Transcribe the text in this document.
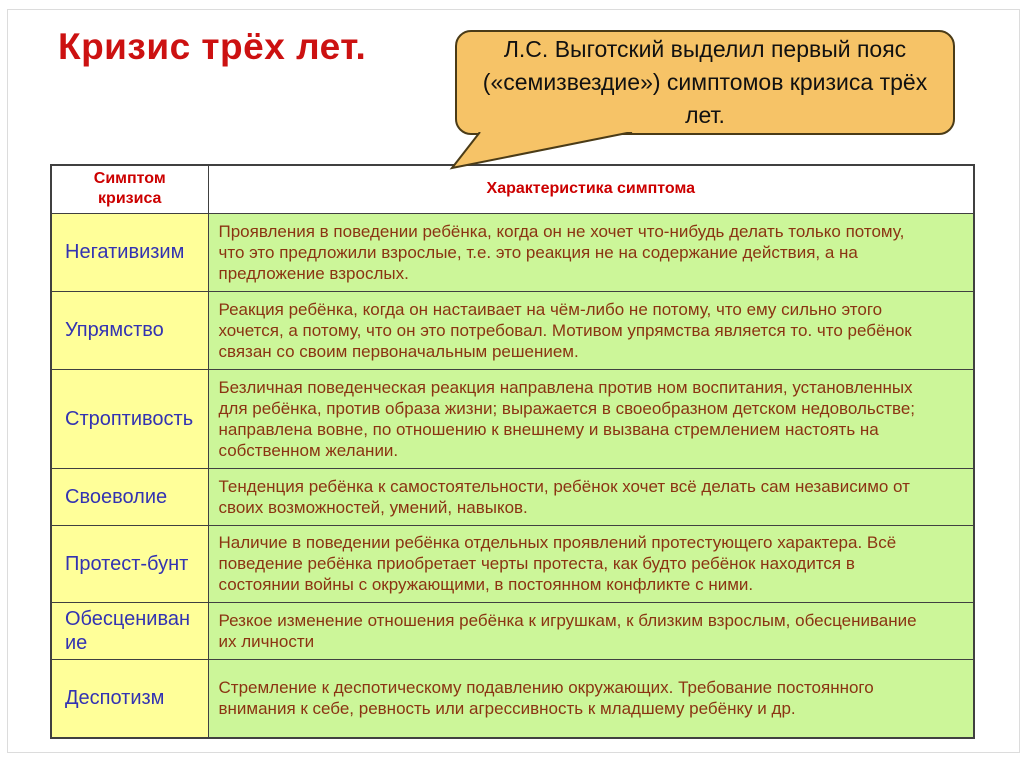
Кризис трёх лет.	Л.С. Выготский выделил первый пояс («семизвездие») симптомов кризиса трёх лет.
Симптом кризиса	Характеристика симптома
Негативизим	Проявления в поведении ребёнка, когда он не хочет что-нибудь делать только потому, что это предложили взрослые, т.е. это реакция не на содержание действия, а на предложение взрослых.
Упрямство	Реакция ребёнка, когда он настаивает на чём-либо не потому, что ему сильно этого хочется, а потому, что он это потребовал. Мотивом упрямства является то. что ребёнок связан со своим первоначальным решением.
Строптивость	Безличная поведенческая реакция направлена против ном воспитания, установленных для ребёнка, против образа жизни; выражается в своеобразном детском недовольстве; направлена вовне, по отношению к внешнему и вызвана стремлением настоять на собственном желании.
Своеволие	Тенденция ребёнка к самостоятельности, ребёнок хочет всё делать сам независимо от своих возможностей, умений, навыков.
Протест-бунт	Наличие в поведении ребёнка отдельных проявлений протестующего характера. Всё поведение ребёнка приобретает черты протеста, как будто ребёнок находится в состоянии войны с окружающими, в постоянном конфликте с ними.
Обесценивание	Резкое изменение отношения ребёнка к игрушкам, к близким взрослым, обесценивание их личности
Деспотизм	Стремление к деспотическому подавлению окружающих. Требование постоянного внимания к себе, ревность или агрессивность к младшему ребёнку и др.
